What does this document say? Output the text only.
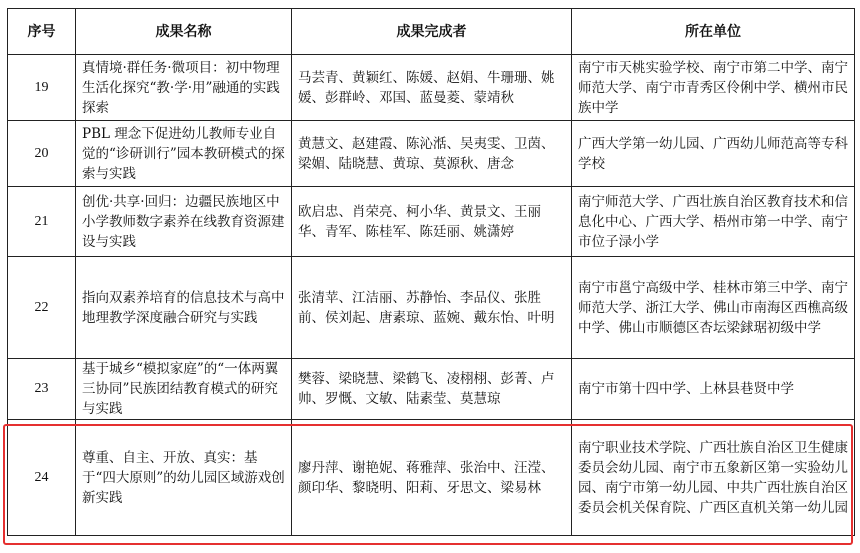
序号	成果名称	成果完成者	所在单位
19	真情境·群任务·微项目：初中物理生活化探究“教·学·用”融通的实践探索	马芸青、黄颖红、陈媛、赵娟、牛珊珊、姚媛、彭群岭、邓国、蓝曼菱、蒙靖秋	南宁市天桃实验学校、南宁市第二中学、南宁师范大学、南宁市青秀区伶俐中学、横州市民族中学
20	PBL 理念下促进幼儿教师专业自觉的“诊研训行”园本教研模式的探索与实践	黄慧文、赵建霞、陈沁湉、吴夷雯、卫茵、梁媚、陆晓慧、黄琼、莫源秋、唐念	广西大学第一幼儿园、广西幼儿师范高等专科学校
21	创优·共享·回归：边疆民族地区中小学教师数字素养在线教育资源建设与实践	欧启忠、肖荣亮、柯小华、黄景文、王丽华、青军、陈桂军、陈廷丽、姚潇婷	南宁师范大学、广西壮族自治区教育技术和信息化中心、广西大学、梧州市第一中学、南宁市位子渌小学
22	指向双素养培育的信息技术与高中地理教学深度融合研究与实践	张清苹、江洁丽、苏静怡、李品仪、张胜前、侯刘起、唐素琼、蓝婉、戴东怡、叶明	南宁市邕宁高级中学、桂林市第三中学、南宁师范大学、浙江大学、佛山市南海区西樵高级中学、佛山市顺德区杏坛梁銶琚初级中学
23	基于城乡“模拟家庭”的“一体两翼三协同”民族团结教育模式的研究与实践	樊蓉、梁晓慧、梁鹤飞、凌栩栩、彭菁、卢帅、罗慨、文敏、陆素莹、莫慧琼	南宁市第十四中学、上林县巷贤中学
24	尊重、自主、开放、真实：基于“四大原则”的幼儿园区域游戏创新实践	廖丹萍、谢艳妮、蒋雅萍、张治中、汪滢、颜印华、黎晓明、阳莉、牙思文、梁易林	南宁职业技术学院、广西壮族自治区卫生健康委员会幼儿园、南宁市五象新区第一实验幼儿园、南宁市第一幼儿园、中共广西壮族自治区委员会机关保育院、广西区直机关第一幼儿园
